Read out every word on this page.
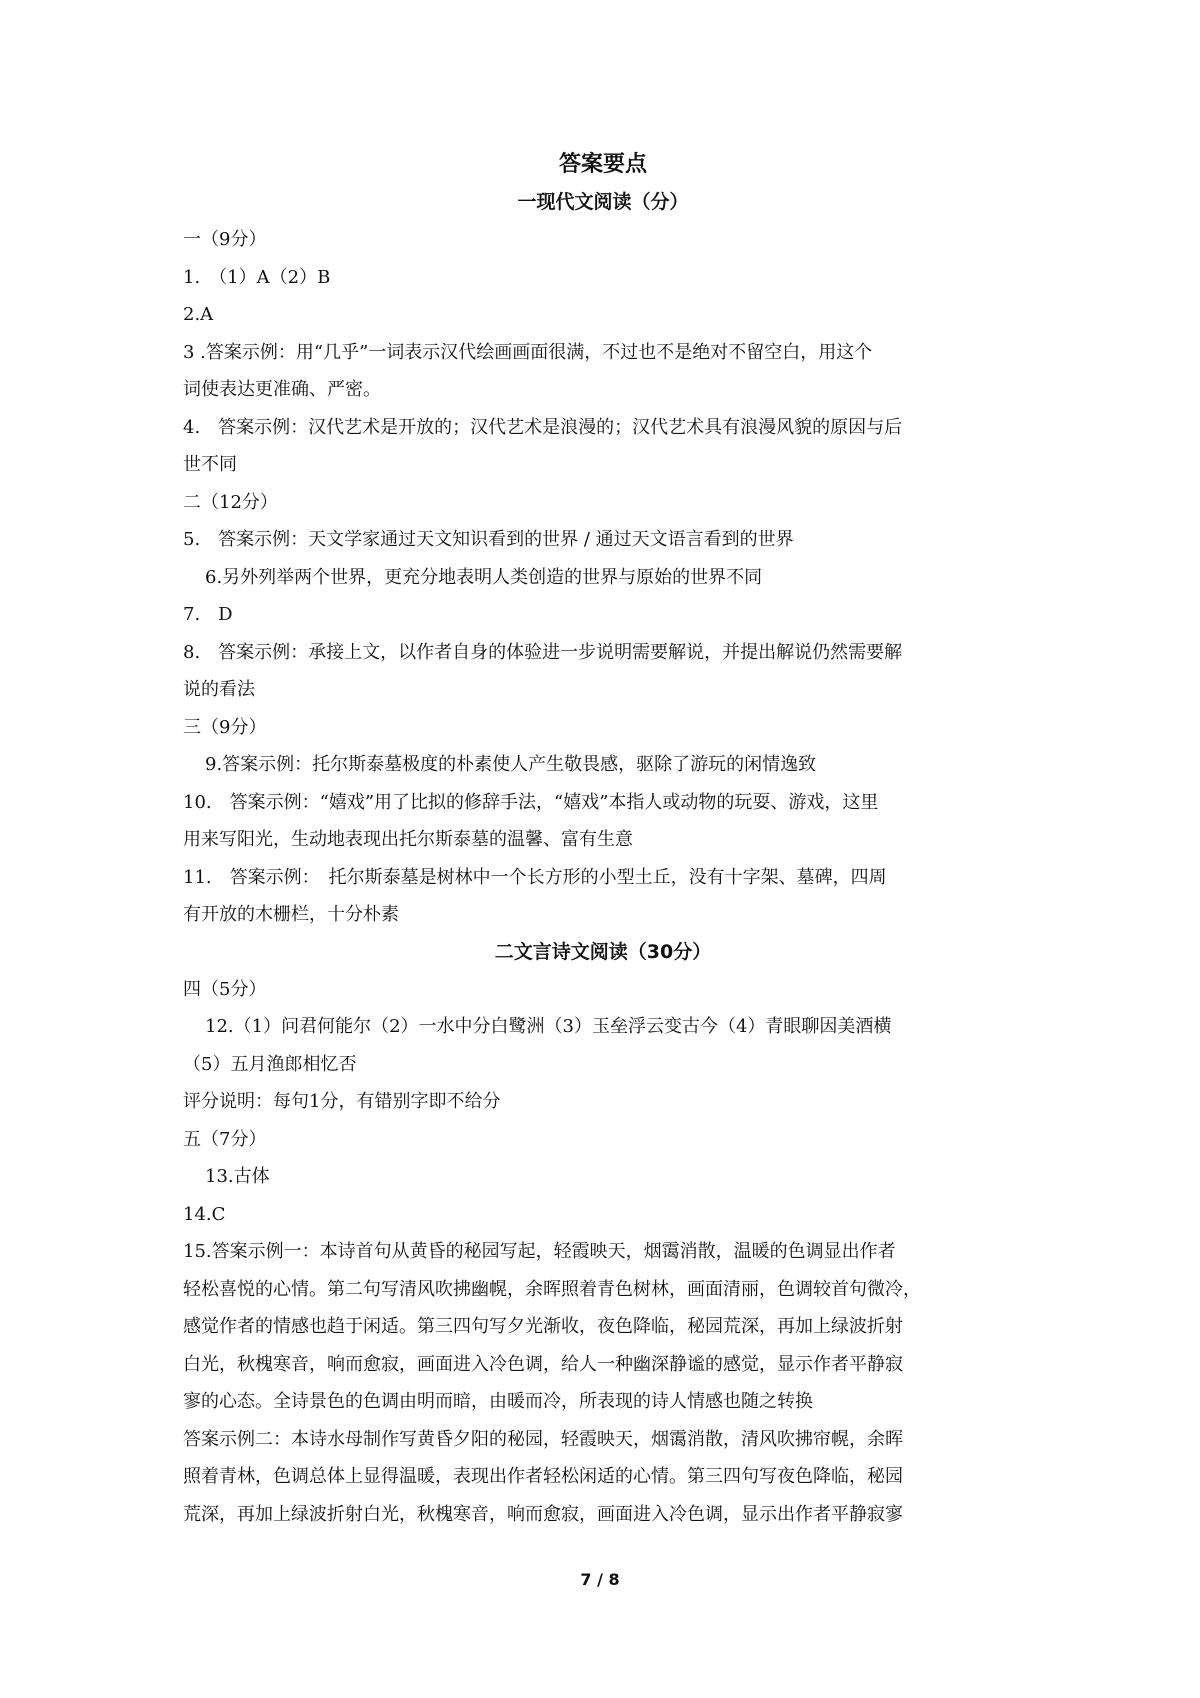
答案要点

一现代文阅读（分）

一（9分）

1.　（1）A（2）B

2.A

3 .答案示例：用“几乎”一词表示汉代绘画画面很满，不过也不是绝对不留空白，用这个

词使表达更准确、严密。

4.　答案示例：汉代艺术是开放的；汉代艺术是浪漫的；汉代艺术具有浪漫风貌的原因与后

世不同

二（12分）

5.　答案示例：天文学家通过天文知识看到的世界 / 通过天文语言看到的世界

6.另外列举两个世界，更充分地表明人类创造的世界与原始的世界不同

7.　D

8.　答案示例：承接上文，以作者自身的体验进一步说明需要解说，并提出解说仍然需要解

说的看法

三（9分）

9.答案示例：托尔斯泰墓极度的朴素使人产生敬畏感，驱除了游玩的闲情逸致

10.　答案示例：“嬉戏”用了比拟的修辞手法，“嬉戏”本指人或动物的玩耍、游戏，这里

用来写阳光，生动地表现出托尔斯泰墓的温馨、富有生意

11.　答案示例：　托尔斯泰墓是树林中一个长方形的小型土丘，没有十字架、墓碑，四周

有开放的木栅栏，十分朴素

二文言诗文阅读（30分）

四（5分）

12.（1）问君何能尔（2）一水中分白鹭洲（3）玉垒浮云变古今（4）青眼聊因美酒横

（5）五月渔郎相忆否

评分说明：每句1分，有错别字即不给分

五（7分）

13.古体

14.C

15.答案示例一：本诗首句从黄昏的秘园写起，轻霞映天，烟霭消散，温暖的色调显出作者

轻松喜悦的心情。第二句写清风吹拂幽幌，余晖照着青色树林，画面清丽，色调较首句微冷，

感觉作者的情感也趋于闲适。第三四句写夕光渐收，夜色降临，秘园荒深，再加上绿波折射

白光，秋槐寒音，响而愈寂，画面进入冷色调，给人一种幽深静谧的感觉，显示作者平静寂

寥的心态。全诗景色的色调由明而暗，由暖而冷，所表现的诗人情感也随之转换

答案示例二：本诗水母制作写黄昏夕阳的秘园，轻霞映天，烟霭消散，清风吹拂帘幌，余晖

照着青林，色调总体上显得温暖，表现出作者轻松闲适的心情。第三四句写夜色降临，秘园

荒深，再加上绿波折射白光，秋槐寒音，响而愈寂，画面进入冷色调，显示出作者平静寂寥

7 / 8
